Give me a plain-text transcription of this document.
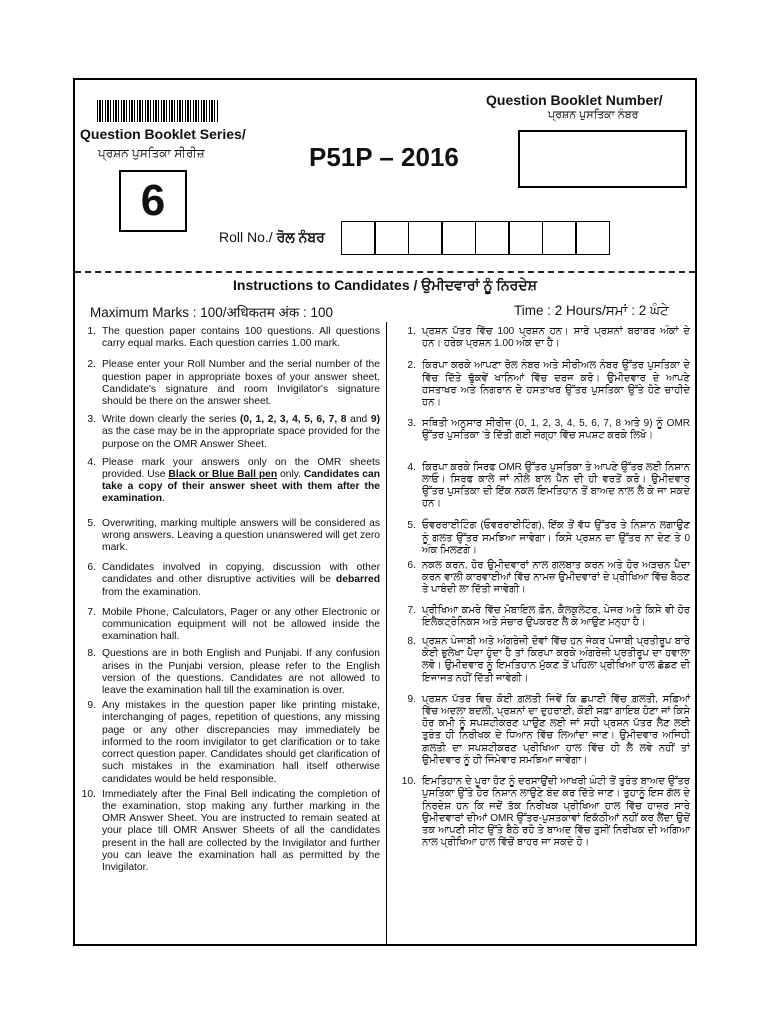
Question Booklet Series/
ਪ੍ਰਸ਼ਨ ਪੁਸਤਿਕਾ ਸੀਰੀਜ਼
6
P51P – 2016
Question Booklet Number/
ਪ੍ਰਸ਼ਨ ਪੁਸਤਿਕਾ ਨੰਬਰ
Roll No./ ਰੋਲ ਨੰਬਰ
Instructions to Candidates / ਉਮੀਦਵਾਰਾਂ ਨੂੰ ਨਿਰਦੇਸ਼
Maximum Marks : 100/अधिकतम अंक : 100	Time : 2 Hours/ਸਮਾਂ : 2 ਘੰਟੇ
1. The question paper contains 100 questions. All questions carry equal marks. Each question carries 1.00 mark.
2. Please enter your Roll Number and the serial number of the question paper in appropriate boxes of your answer sheet. Candidate's signature and room Invigilator's signature should be there on the answer sheet.
3. Write down clearly the series (0, 1, 2, 3, 4, 5, 6, 7, 8 and 9) as the case may be in the appropriate space provided for the purpose on the OMR Answer Sheet.
4. Please mark your answers only on the OMR sheets provided. Use Black or Blue Ball pen only. Candidates can take a copy of their answer sheet with them after the examination.
5. Overwriting, marking multiple answers will be considered as wrong answers. Leaving a question unanswered will get zero mark.
6. Candidates involved in copying, discussion with other candidates and other disruptive activities will be debarred from the examination.
7. Mobile Phone, Calculators, Pager or any other Electronic or communication equipment will not be allowed inside the examination hall.
8. Questions are in both English and Punjabi. If any confusion arises in the Punjabi version, please refer to the English version of the questions. Candidates are not allowed to leave the examination hall till the examination is over.
9. Any mistakes in the question paper like printing mistake, interchanging of pages, repetition of questions, any missing page or any other discrepancies may immediately be informed to the room invigilator to get clarification or to take correct question paper. Candidates should get clarification of such mistakes in the examination hall itself otherwise candidates would be held responsible.
10. Immediately after the Final Bell indicating the completion of the examination, stop making any further marking in the OMR Answer Sheet. You are instructed to remain seated at your place till OMR Answer Sheets of all the candidates present in the hall are collected by the Invigilator and further you can leave the examination hall as permitted by the Invigilator.
1. ਪ੍ਰਸ਼ਨ ਪੱਤਰ ਵਿੱਚ 100 ਪ੍ਰਸ਼ਨ ਹਨ। ਸਾਰੇ ਪ੍ਰਸ਼ਨਾਂ ਬਰਾਬਰ ਅੰਕਾਂ ਦੇ ਹਨ। ਹਰੇਕ ਪ੍ਰਸ਼ਨ 1.00 ਅੰਕ ਦਾ ਹੈ।
2. ਕਿਰਪਾ ਕਰਕੇ ਆਪਣਾ ਰੋਲ ਨੰਬਰ ਅਤੇ ਸੀਰੀਅਲ ਨੰਬਰ ਉੱਤਰ ਪੁਸਤਿਕਾ ਦੇ ਵਿੱਚ ਦਿੱਤੇ ਢੁੱਕਵੇਂ ਖਾਨਿਆਂ ਵਿੱਚ ਦਰਜ ਕਰੋ। ਉਮੀਦਵਾਰ ਦੇ ਆਪਣੇ ਹਸਤਾਖਰ ਅਤੇ ਨਿਗਰਾਨ ਦੇ ਹਸਤਾਖਰ ਉੱਤਰ ਪੁਸਤਿਕਾ ਉੱਤੇ ਹੋਣੇ ਚਾਹੀਦੇ ਹਨ।
3. ਸਥਿਤੀ ਅਨੁਸਾਰ ਸੀਰੀਜ਼ (0, 1, 2, 3, 4, 5, 6, 7, 8 ਅਤੇ 9) ਨੂੰ OMR ਉੱਤਰ ਪੁਸਤਿਕਾ 'ਤੇ ਦਿੱਤੀ ਗਈ ਜਗ੍ਹਾ ਵਿੱਚ ਸਪਸ਼ਟ ਕਰਕੇ ਲਿਖੋ।
4. ਕਿਰਪਾ ਕਰਕੇ ਸਿਰਫ OMR ਉੱਤਰ ਪੁਸਤਿਕਾ ਤੇ ਆਪਣੇ ਉੱਤਰ ਲਈ ਨਿਸ਼ਾਨ ਲਾਓ। ਸਿਰਫ ਕਾਲੇ ਜਾਂ ਨੀਲੇ ਬਾਲ ਪੈੱਨ ਦੀ ਹੀ ਵਰਤੋਂ ਕਰੋ। ਉਮੀਦਵਾਰ ਉੱਤਰ ਪੁਸਤਿਕਾ ਦੀ ਇੱਕ ਨਕਲ ਇਮਤਿਹਾਨ ਤੋਂ ਬਾਅਦ ਨਾਲ ਲੈ ਕੇ ਜਾ ਸਕਦੇ ਹਨ।
5. ਓਵਰਰਾਈਟਿੰਗ (ਓਵਰਰਾਈਟਿੰਗ), ਇੱਕ ਤੋਂ ਵੱਧ ਉੱਤਰ ਤੇ ਨਿਸ਼ਾਨ ਲਗਾਉਣ ਨੂੰ ਗਲਤ ਉੱਤਰ ਸਮਝਿਆ ਜਾਵੇਗਾ। ਕਿਸੇ ਪ੍ਰਸ਼ਨ ਦਾ ਉੱਤਰ ਨਾ ਦੇਣ ਤੇ 0 ਅੰਕ ਮਿਲਣਗੇ।
6. ਨਕਲ ਕਰਨ, ਹੋਰ ਉਮੀਦਵਾਰਾਂ ਨਾਲ ਗਲਬਾਤ ਕਰਨ ਅਤੇ ਹੋਰ ਅੜਚਨ ਪੈਦਾ ਕਰਨ ਵਾਲੀ ਕਾਰਵਾਈਆਂ ਵਿੱਚ ਨਾਮਜ਼ ਉਮੀਦਵਾਰਾਂ ਦੇ ਪ੍ਰੀਖਿਆ ਵਿੱਚ ਬੈਠਣ ਤੇ ਪਾਬੰਦੀ ਲਾ ਦਿੱਤੀ ਜਾਵੇਗੀ।
7. ਪ੍ਰੀਖਿਆ ਕਮਰੇ ਵਿੱਚ ਮੋਬਾਇਲ ਫ਼ੋਨ, ਕੈਲਕੁਲੇਟਰ, ਪੇਜਰ ਅਤੇ ਕਿਸੇ ਵੀ ਹੋਰ ਇਲੈਕਟ੍ਰੋਨਿਕਸ ਅਤੇ ਸੰਚਾਰ ਉਪਕਰਣ ਲੈ ਕੇ ਆਉਣ ਮਨ੍ਹਾ ਹੈ।
8. ਪ੍ਰਸ਼ਨ ਪੰਜਾਬੀ ਅਤੇ ਅੰਗਰੇਜ਼ੀ ਦੋਵਾਂ ਵਿੱਚ ਹਨ ਜੇਕਰ ਪੰਜਾਬੀ ਪ੍ਰਤੀਰੂਪ ਬਾਰੇ ਕੋਈ ਭੁਲੇਖਾ ਪੈਦਾ ਹੁੰਦਾ ਹੈ ਤਾਂ ਕਿਰਪਾ ਕਰਕੇ ਅੰਗਰੇਜ਼ੀ ਪ੍ਰਤੀਰੂਪ ਦਾ ਹਵਾਲਾ ਲਵੋ। ਉਮੀਦਵਾਰ ਨੂੰ ਇਮਤਿਹਾਨ ਮੁੱਕਣ ਤੋਂ ਪਹਿਲਾ ਪ੍ਰੀਖਿਆ ਹਾਲ ਛੱਡਣ ਦੀ ਇਜਾਜਤ ਨਹੀਂ ਦਿੱਤੀ ਜਾਵੇਗੀ।
9. ਪ੍ਰਸ਼ਨ ਪੱਤਰ ਵਿਚ ਕੋਈ ਗ਼ਲਤੀ ਜਿਵੇਂ ਕਿ ਛਪਾਈ ਵਿੱਚ ਗ਼ਲਤੀ, ਸਫ਼ਿਆਂ ਵਿੱਚ ਅਦਲਾ ਬਦਲੀ, ਪ੍ਰਸ਼ਨਾਂ ਦਾ ਦੁਹਰਾਈ, ਕੋਈ ਸਫ਼ਾ ਗਾਇਬ ਹੋਣਾ ਜਾਂ ਕਿਸੇ ਹੋਰ ਕਮੀ ਨੂੰ ਸਪਸ਼ਟੀਕਰਣ ਪਾਉਣ ਲਈ ਜਾਂ ਸਹੀ ਪ੍ਰਸ਼ਨ ਪੱਤਰ ਲੈਣ ਲਈ ਤੁਰੰਤ ਹੀ ਨਿਰੀਖਕ ਦੇ ਧਿਆਨ ਵਿੱਚ ਲਿਆਂਦਾ ਜਾਣ। ਉਮੀਦਵਾਰ ਅਜਿਹੀ ਗ਼ਲਤੀ ਦਾ ਸਪਸ਼ਟੀਕਰਣ ਪ੍ਰੀਖਿਆ ਹਾਲ ਵਿੱਚ ਹੀ ਲੈ ਲਵੇ ਨਹੀਂ ਤਾਂ ਉਮੀਦਵਾਰ ਨੂੰ ਹੀ ਜਿੰਮੇਵਾਰ ਸਮਝਿਆ ਜਾਵੇਗਾ।
10. ਇਮਤਿਹਾਨ ਦੇ ਪੂਰਾ ਹੋਣ ਨੂੰ ਦਰਸਾਉਂਦੀ ਆਖਰੀ ਘੰਟੀ ਤੋਂ ਤੁਰੰਤ ਬਾਅਦ ਉੱਤਰ ਪੁਸਤਿਕਾ ਉੱਤੇ ਹੋਰ ਨਿਸ਼ਾਨ ਲਾਉਣੇ ਬੰਦ ਕਰ ਦਿੱਤੇ ਜਾਣ। ਤੁਹਾਨੂੰ ਇਸ ਗੱਲ ਦੇ ਨਿਰਦੇਸ਼ ਹਨ ਕਿ ਜਦੋਂ ਤੱਕ ਨਿਰੀਖਕ ਪ੍ਰੀਖਿਆ ਹਾਲ ਵਿੱਚ ਹਾਜ਼ਰ ਸਾਰੇ ਉਮੀਦਵਾਰਾਂ ਦੀਆਂ OMR ਉੱਤਰ-ਪੁਸਤਕਾਵਾਂ ਇਕੱਠੀਆਂ ਨਹੀਂ ਕਰ ਲੈਂਦਾ ਉਦੋਂ ਤਕ ਆਪਣੀ ਸੀਟ ਉੱਤੇ ਬੈਠੇ ਰਹੋ ਤੇ ਬਾਅਦ ਵਿੱਚ ਤੁਸੀਂ ਨਿਰੀਖਕ ਦੀ ਅਗਿਆ ਨਾਲ ਪ੍ਰੀਖਿਆ ਹਾਲ ਵਿੱਚੋਂ ਬਾਹਰ ਜਾ ਸਕਦੇ ਹੋ।
